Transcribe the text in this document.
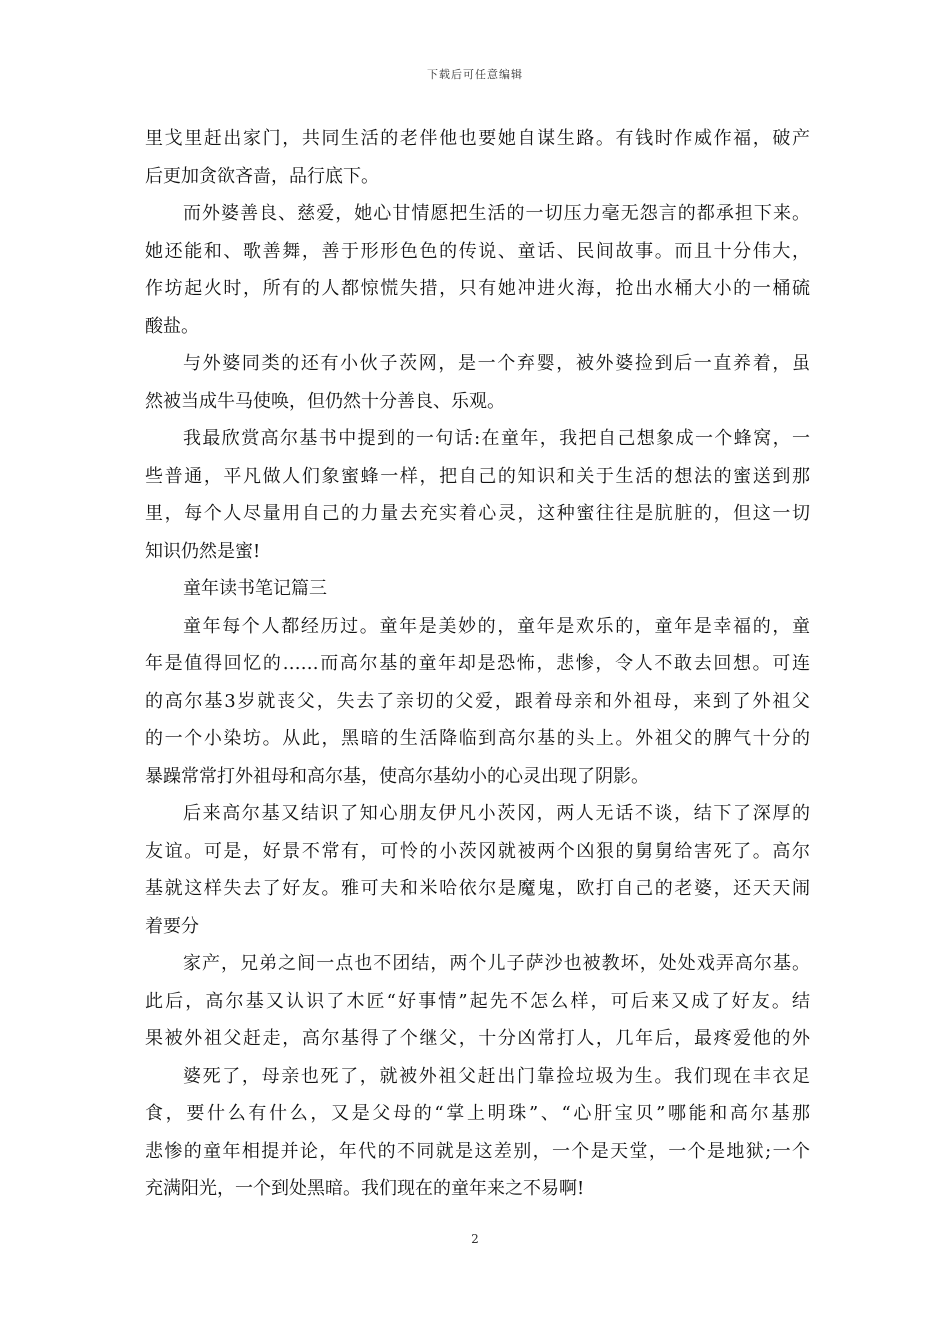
下载后可任意编辑
里戈里赶出家门，共同生活的老伴他也要她自谋生路。有钱时作威作福，破产
后更加贪欲吝啬，品行底下。
而外婆善良、慈爱，她心甘情愿把生活的一切压力毫无怨言的都承担下来。
她还能和、歌善舞，善于形形色色的传说、童话、民间故事。而且十分伟大，
作坊起火时，所有的人都惊慌失措，只有她冲进火海，抢出水桶大小的一桶硫
酸盐。
与外婆同类的还有小伙子茨网，是一个弃婴，被外婆捡到后一直养着，虽
然被当成牛马使唤，但仍然十分善良、乐观。
我最欣赏高尔基书中提到的一句话:在童年，我把自己想象成一个蜂窝，一
些普通，平凡做人们象蜜蜂一样，把自己的知识和关于生活的想法的蜜送到那
里，每个人尽量用自己的力量去充实着心灵，这种蜜往往是肮脏的，但这一切
知识仍然是蜜!
童年读书笔记篇三
童年每个人都经历过。童年是美妙的，童年是欢乐的，童年是幸福的，童
年是值得回忆的……而高尔基的童年却是恐怖，悲惨，令人不敢去回想。可连
的高尔基3岁就丧父，失去了亲切的父爱，跟着母亲和外祖母，来到了外祖父
的一个小染坊。从此，黑暗的生活降临到高尔基的头上。外祖父的脾气十分的
暴躁常常打外祖母和高尔基，使高尔基幼小的心灵出现了阴影。
后来高尔基又结识了知心朋友伊凡小茨冈，两人无话不谈，结下了深厚的
友谊。可是，好景不常有，可怜的小茨冈就被两个凶狠的舅舅给害死了。高尔
基就这样失去了好友。雅可夫和米哈依尔是魔鬼，欧打自己的老婆，还天天闹
着要分
家产，兄弟之间一点也不团结，两个儿子萨沙也被教坏，处处戏弄高尔基。
此后，高尔基又认识了木匠“好事情”起先不怎么样，可后来又成了好友。结
果被外祖父赶走，高尔基得了个继父，十分凶常打人，几年后，最疼爱他的外
婆死了，母亲也死了，就被外祖父赶出门靠捡垃圾为生。我们现在丰衣足
食，要什么有什么，又是父母的“掌上明珠”、“心肝宝贝”哪能和高尔基那
悲惨的童年相提并论，年代的不同就是这差别，一个是天堂，一个是地狱;一个
充满阳光，一个到处黑暗。我们现在的童年来之不易啊!
2
